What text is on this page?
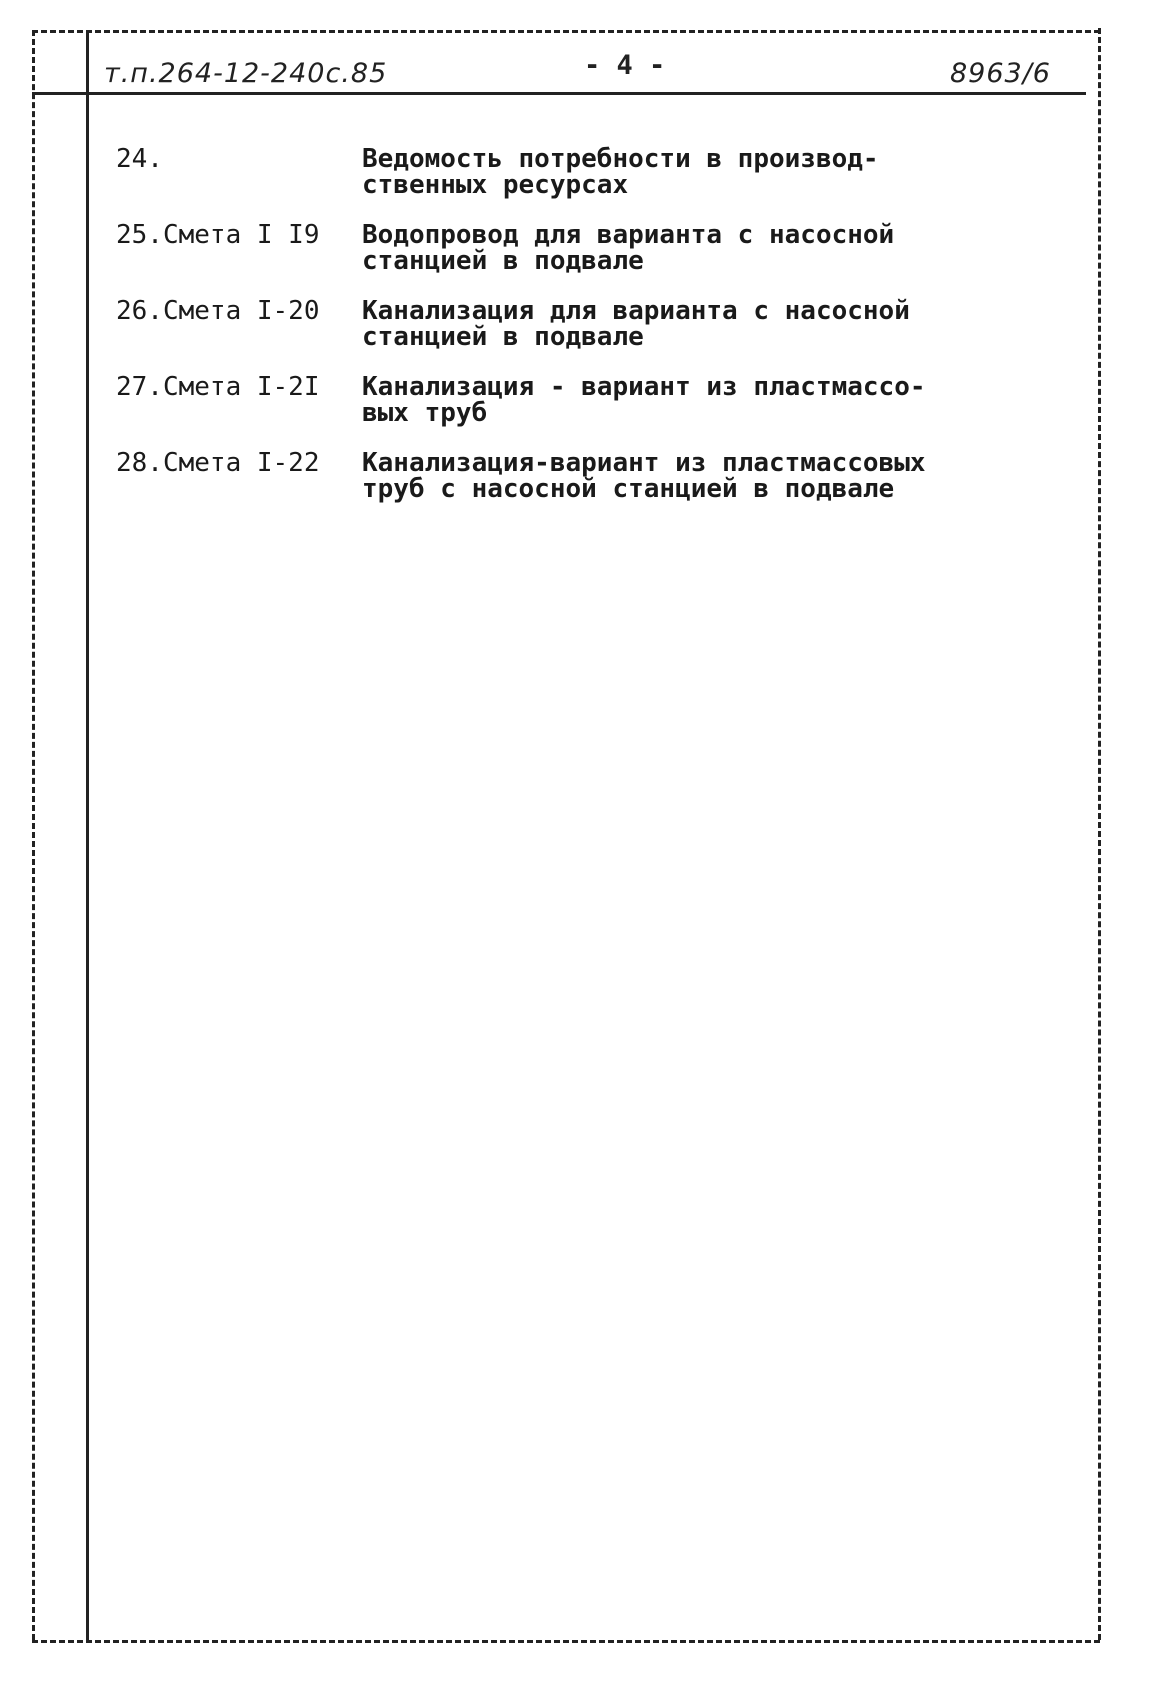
т.п.264-12-240с.85	- 4 -	8963/6
24.	Ведомость потребности в производ-
ственных ресурсах
25.Смета I I9 Водопровод для варианта с насосной
станцией в подвале
26.Смета I-20 Канализация для варианта с насосной
станцией в подвале
27.Смета I-2I Канализация - вариант из пластмассо-
вых труб
28.Смета I-22 Канализация-вариант из пластмассовых
труб с насосной станцией в подвале
